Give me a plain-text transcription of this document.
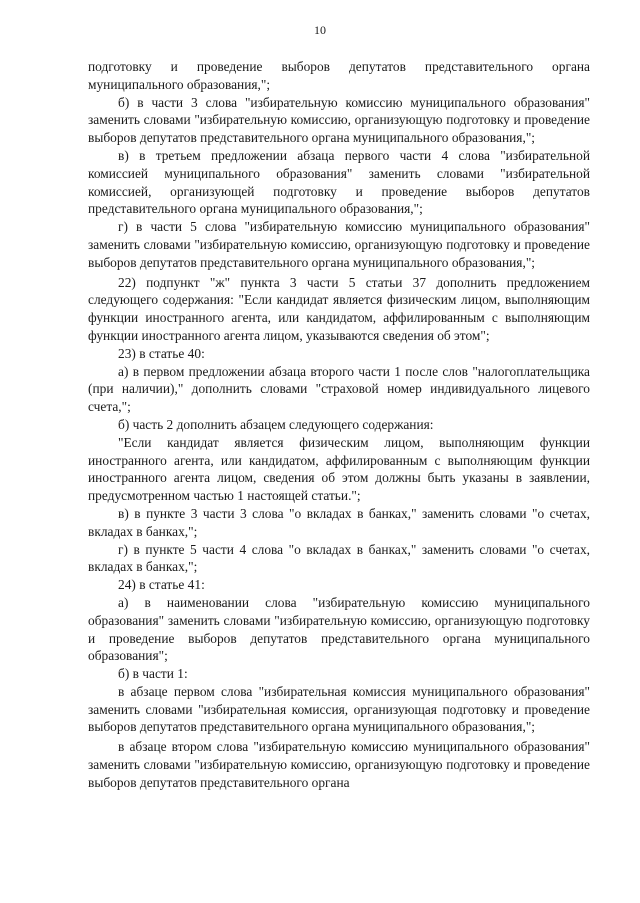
10

подготовку и проведение выборов депутатов представительного органа муниципального образования,";

б) в части 3 слова "избирательную комиссию муниципального образования" заменить словами "избирательную комиссию, организующую подготовку и проведение выборов депутатов представительного органа муниципального образования,";

в) в третьем предложении абзаца первого части 4 слова "избирательной комиссией муниципального образования" заменить словами "избирательной комиссией, организующей подготовку и проведение выборов депутатов представительного органа муниципального образования,";

г) в части 5 слова "избирательную комиссию муниципального образования" заменить словами "избирательную комиссию, организующую подготовку и проведение выборов депутатов представительного органа муниципального образования,";

22) подпункт "ж" пункта 3 части 5 статьи 37 дополнить предложением следующего содержания: "Если кандидат является физическим лицом, выполняющим функции иностранного агента, или кандидатом, аффилированным с выполняющим функции иностранного агента лицом, указываются сведения об этом";

23) в статье 40:

а) в первом предложении абзаца второго части 1 после слов "налогоплательщика (при наличии)," дополнить словами "страховой номер индивидуального лицевого счета,";

б) часть 2 дополнить абзацем следующего содержания:

"Если кандидат является физическим лицом, выполняющим функции иностранного агента, или кандидатом, аффилированным с выполняющим функции иностранного агента лицом, сведения об этом должны быть указаны в заявлении, предусмотренном частью 1 настоящей статьи.";

в) в пункте 3 части 3 слова "о вкладах в банках," заменить словами "о счетах, вкладах в банках,";

г) в пункте 5 части 4 слова "о вкладах в банках," заменить словами "о счетах, вкладах в банках,";

24) в статье 41:

а) в наименовании слова "избирательную комиссию муниципального образования" заменить словами "избирательную комиссию, организующую подготовку и проведение выборов депутатов представительного органа муниципального образования";

б) в части 1:

в абзаце первом слова "избирательная комиссия муниципального образования" заменить словами "избирательная комиссия, организующая подготовку и проведение выборов депутатов представительного органа муниципального образования,";

в абзаце втором слова "избирательную комиссию муниципального образования" заменить словами "избирательную комиссию, организующую подготовку и проведение выборов депутатов представительного органа
